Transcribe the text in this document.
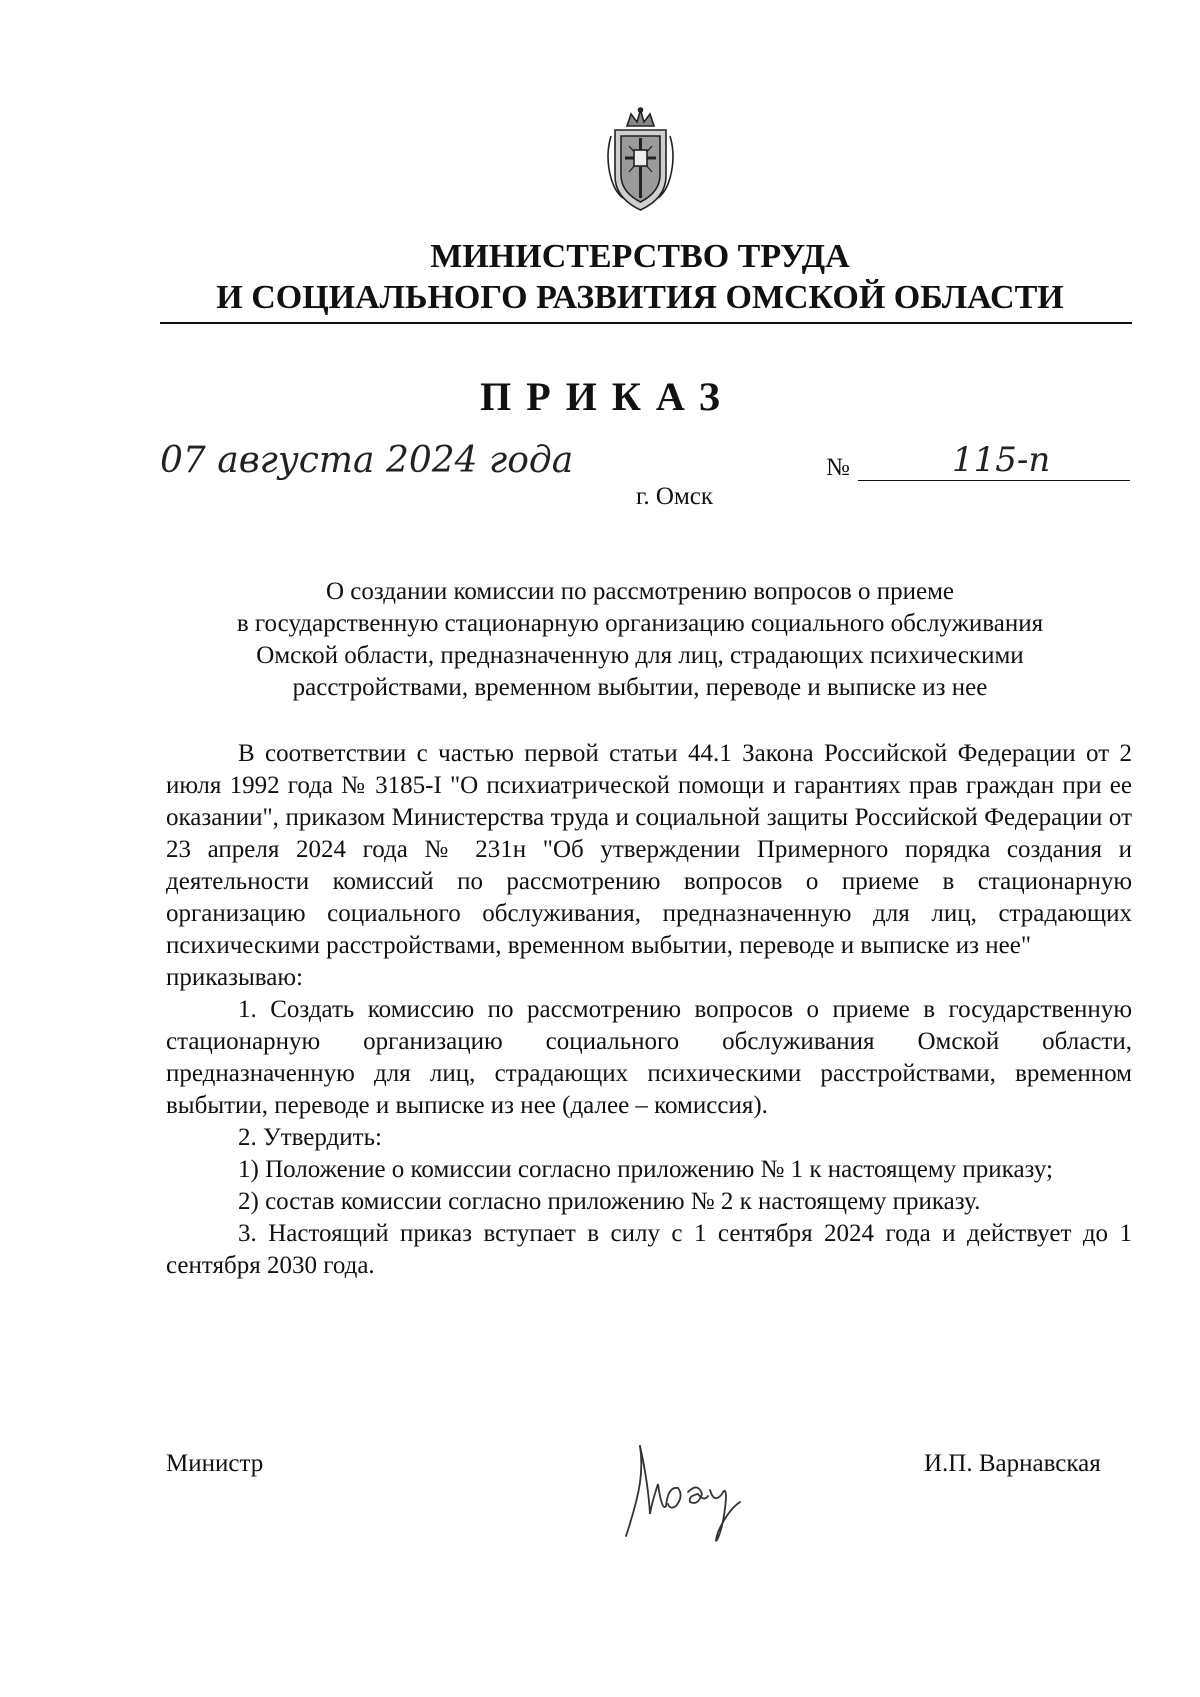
МИНИСТЕРСТВО ТРУДА
И СОЦИАЛЬНОГО РАЗВИТИЯ ОМСКОЙ ОБЛАСТИ
ПРИКАЗ
07 августа 2024 года	№	115-п
г. Омск
О создании комиссии по рассмотрению вопросов о приеме
в государственную стационарную организацию социального обслуживания
Омской области, предназначенную для лиц, страдающих психическими
расстройствами, временном выбытии, переводе и выписке из нее

В соответствии с частью первой статьи 44.1 Закона Российской Федерации от 2 июля 1992 года № 3185-I "О психиатрической помощи и гарантиях прав граждан при ее оказании", приказом Министерства труда и социальной защиты Российской Федерации от 23 апреля 2024 года № 231н "Об утверждении Примерного порядка создания и деятельности комиссий по рассмотрению вопросов о приеме в стационарную организацию социального обслуживания, предназначенную для лиц, страдающих психическими расстройствами, временном выбытии, переводе и выписке из нее"

приказываю:

1. Создать комиссию по рассмотрению вопросов о приеме в государственную стационарную организацию социального обслуживания Омской области, предназначенную для лиц, страдающих психическими расстройствами, временном выбытии, переводе и выписке из нее (далее – комиссия).

2. Утвердить:

1) Положение о комиссии согласно приложению № 1 к настоящему приказу;

2) состав комиссии согласно приложению № 2 к настоящему приказу.

3. Настоящий приказ вступает в силу с 1 сентября 2024 года и действует до 1 сентября 2030 года.

Министр	И.П. Варнавская
